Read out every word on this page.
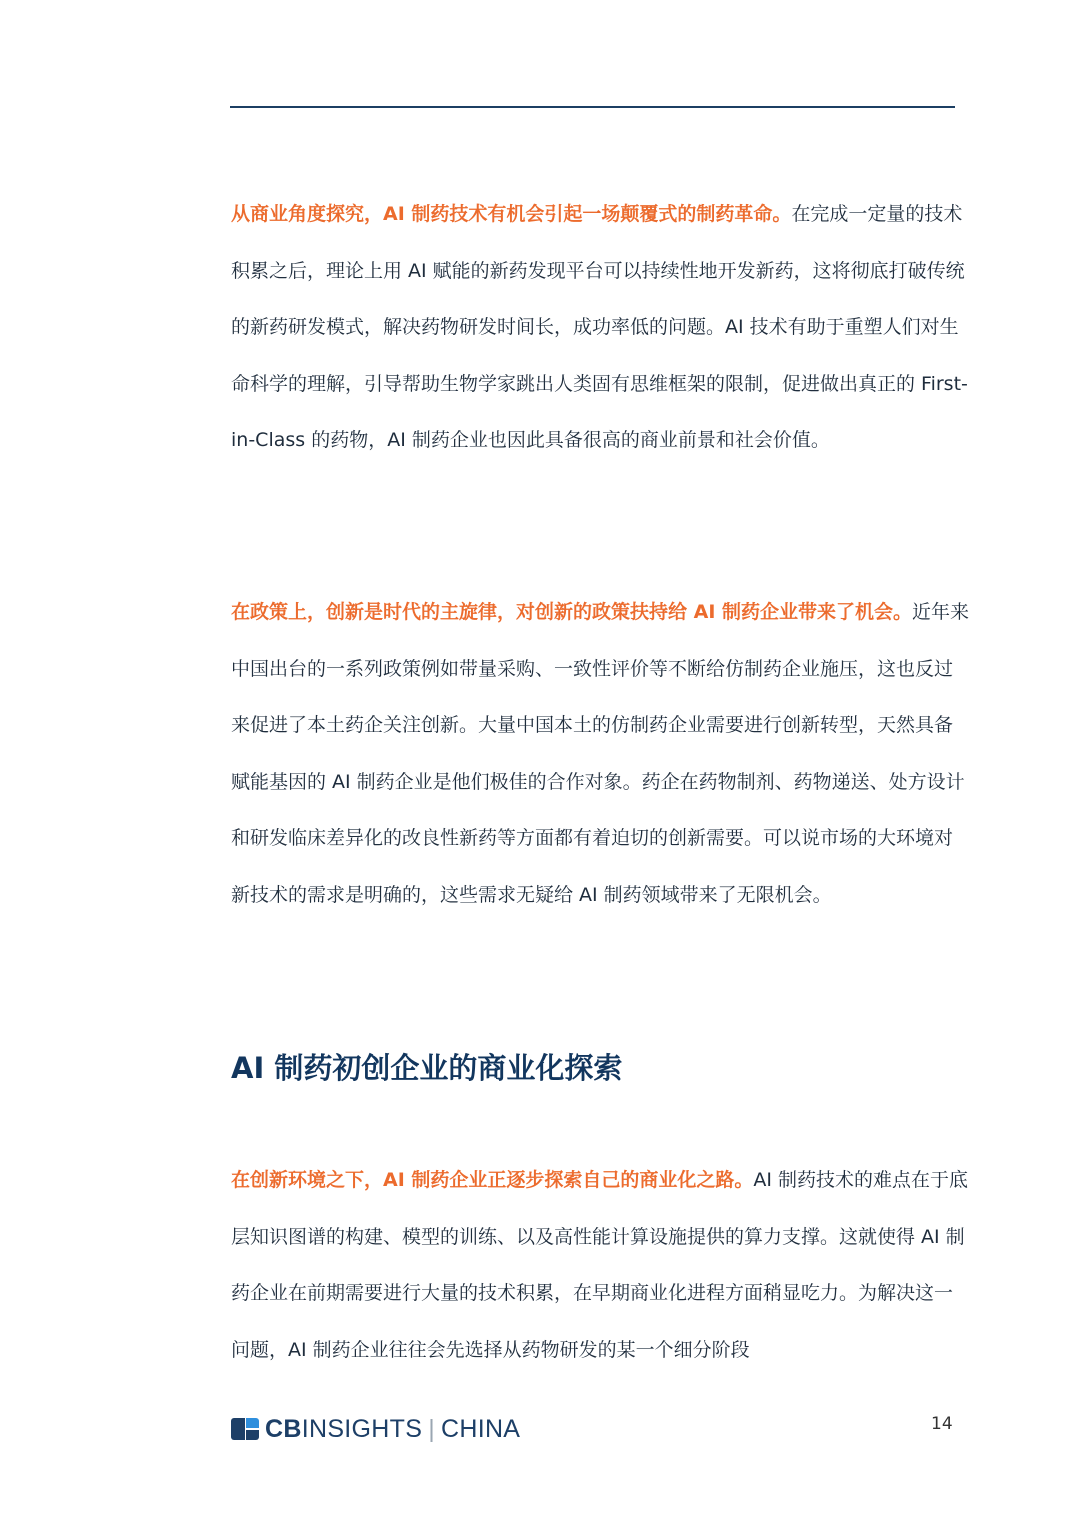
从商业角度探究，AI 制药技术有机会引起一场颠覆式的制药革命。在完成一定量的技术积累之后，理论上用 AI 赋能的新药发现平台可以持续性地开发新药，这将彻底打破传统的新药研发模式，解决药物研发时间长，成功率低的问题。AI 技术有助于重塑人们对生命科学的理解，引导帮助生物学家跳出人类固有思维框架的限制，促进做出真正的 First-in-Class 的药物，AI 制药企业也因此具备很高的商业前景和社会价值。

在政策上，创新是时代的主旋律，对创新的政策扶持给 AI 制药企业带来了机会。近年来中国出台的一系列政策例如带量采购、一致性评价等不断给仿制药企业施压，这也反过来促进了本土药企关注创新。大量中国本土的仿制药企业需要进行创新转型，天然具备赋能基因的 AI 制药企业是他们极佳的合作对象。药企在药物制剂、药物递送、处方设计和研发临床差异化的改良性新药等方面都有着迫切的创新需要。可以说市场的大环境对新技术的需求是明确的，这些需求无疑给 AI 制药领域带来了无限机会。

AI 制药初创企业的商业化探索

在创新环境之下，AI 制药企业正逐步探索自己的商业化之路。AI 制药技术的难点在于底层知识图谱的构建、模型的训练、以及高性能计算设施提供的算力支撑。这就使得 AI 制药企业在前期需要进行大量的技术积累，在早期商业化进程方面稍显吃力。为解决这一问题，AI 制药企业往往会先选择从药物研发的某一个细分阶段

CBINSIGHTS | CHINA	14
